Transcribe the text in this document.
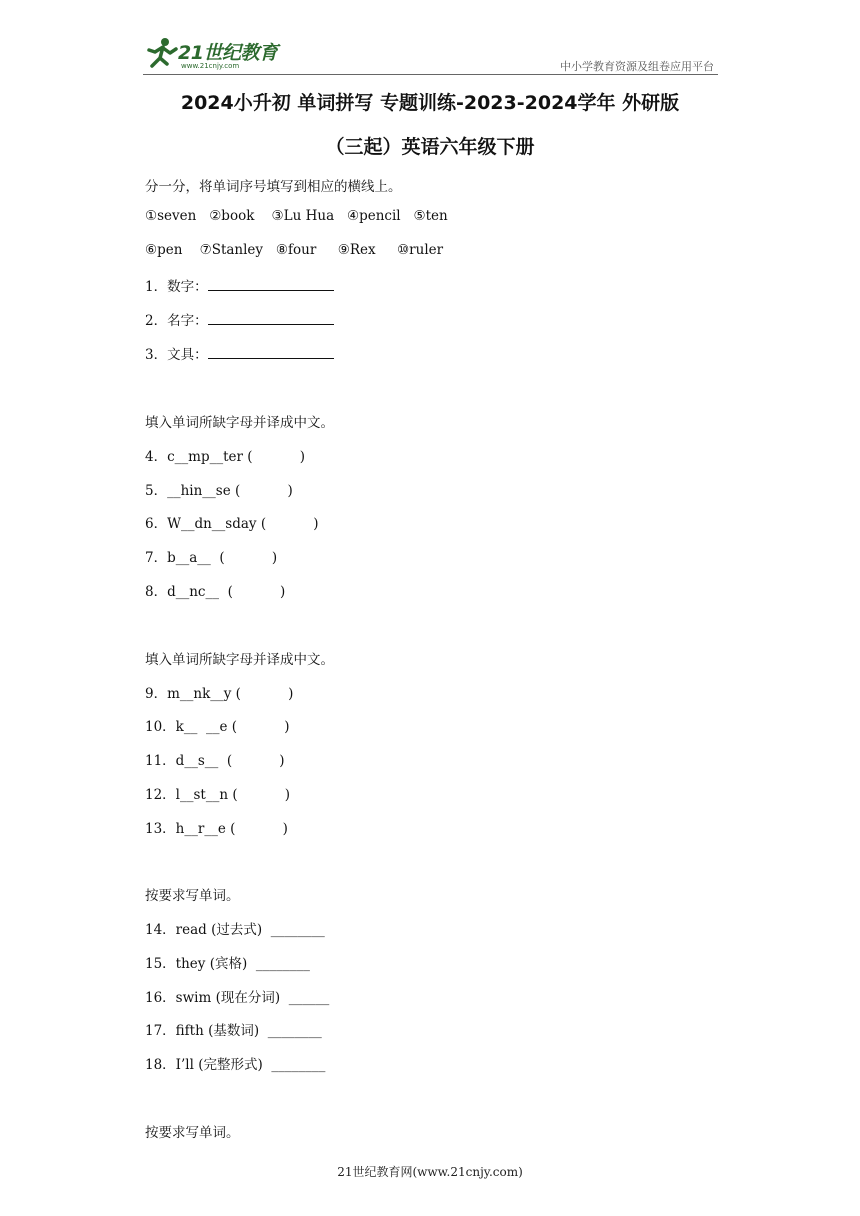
21世纪教育
www.21cnjy.com	中小学教育资源及组卷应用平台
2024小升初 单词拼写 专题训练-2023-2024学年 外研版
（三起）英语六年级下册
分一分，将单词序号填写到相应的横线上。
①seven   ②book    ③Lu Hua   ④pencil   ⑤ten
⑥pen    ⑦Stanley   ⑧four     ⑨Rex     ⑩ruler
1．数字：
2．名字：
3．文具：
填入单词所缺字母并译成中文。
4．c__mp__ter (           )
5．__hin__se (           )
6．W__dn__sday (           )
7．b__a__  (           )
8．d__nc__  (           )
填入单词所缺字母并译成中文。
9．m__nk__y (           )
10．k__  __e (           )
11．d__s__  (           )
12．l__st__n (           )
13．h__r__e (           )
按要求写单词。
14．read (过去式)  ________
15．they (宾格)  ________
16．swim (现在分词)  ______
17．fifth (基数词)  ________
18．I’ll (完整形式)  ________
按要求写单词。
21世纪教育网(www.21cnjy.com)
